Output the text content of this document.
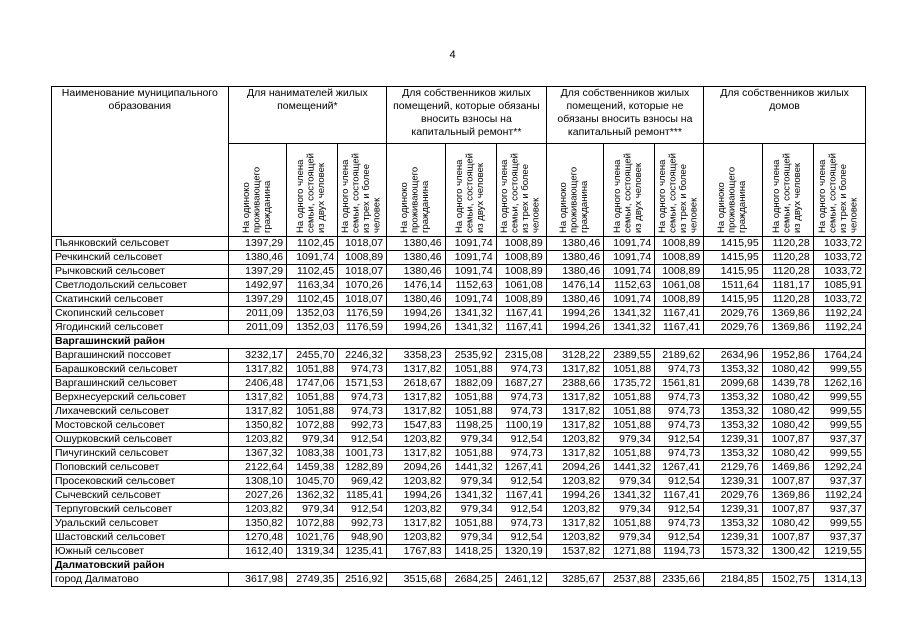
4
Наименование муниципального образования	Для нанимателей жилых помещений*			Для собственников жилых помещений, которые обязаны вносить взносы на капитальный ремонт**			Для собственников жилых помещений, которые не обязаны вносить взносы на капитальный ремонт***			Для собственников жилых домов		

	На одиноко проживающего гражданина	На одного члена семьи, состоящей из двух человек	На одного члена семьи, состоящей из трех и более человек	На одиноко проживающего гражданина	На одного члена семьи, состоящей из двух человек	На одного члена семьи, состоящей из трех и более человек	На одиноко проживающего гражданина	На одного члена семьи, состоящей из двух человек	На одного члена семьи, состоящей из трех и более человек	На одиноко проживающего гражданина	На одного члена семьи, состоящей из двух человек	На одного члена семьи, состоящей из трех и более человек

Пьянковский сельсовет	1397,29	1102,45	1018,07	1380,46	1091,74	1008,89	1380,46	1091,74	1008,89	1415,95	1120,28	1033,72
Речкинский сельсовет	1380,46	1091,74	1008,89	1380,46	1091,74	1008,89	1380,46	1091,74	1008,89	1415,95	1120,28	1033,72
Рычковский сельсовет	1397,29	1102,45	1018,07	1380,46	1091,74	1008,89	1380,46	1091,74	1008,89	1415,95	1120,28	1033,72
Светлодольский сельсовет	1492,97	1163,34	1070,26	1476,14	1152,63	1061,08	1476,14	1152,63	1061,08	1511,64	1181,17	1085,91
Скатинский сельсовет	1397,29	1102,45	1018,07	1380,46	1091,74	1008,89	1380,46	1091,74	1008,89	1415,95	1120,28	1033,72
Скопинский сельсовет	2011,09	1352,03	1176,59	1994,26	1341,32	1167,41	1994,26	1341,32	1167,41	2029,76	1369,86	1192,24
Ягодинский сельсовет	2011,09	1352,03	1176,59	1994,26	1341,32	1167,41	1994,26	1341,32	1167,41	2029,76	1369,86	1192,24
Варгашинский район												
Варгашинский поссовет	3232,17	2455,70	2246,32	3358,23	2535,92	2315,08	3128,22	2389,55	2189,62	2634,96	1952,86	1764,24
Барашковский сельсовет	1317,82	1051,88	974,73	1317,82	1051,88	974,73	1317,82	1051,88	974,73	1353,32	1080,42	999,55
Варгашинский сельсовет	2406,48	1747,06	1571,53	2618,67	1882,09	1687,27	2388,66	1735,72	1561,81	2099,68	1439,78	1262,16
Верхнесуерский сельсовет	1317,82	1051,88	974,73	1317,82	1051,88	974,73	1317,82	1051,88	974,73	1353,32	1080,42	999,55
Лихачевский сельсовет	1317,82	1051,88	974,73	1317,82	1051,88	974,73	1317,82	1051,88	974,73	1353,32	1080,42	999,55
Мостовской сельсовет	1350,82	1072,88	992,73	1547,83	1198,25	1100,19	1317,82	1051,88	974,73	1353,32	1080,42	999,55
Ошурковский сельсовет	1203,82	979,34	912,54	1203,82	979,34	912,54	1203,82	979,34	912,54	1239,31	1007,87	937,37
Пичугинский сельсовет	1367,32	1083,38	1001,73	1317,82	1051,88	974,73	1317,82	1051,88	974,73	1353,32	1080,42	999,55
Поповский сельсовет	2122,64	1459,38	1282,89	2094,26	1441,32	1267,41	2094,26	1441,32	1267,41	2129,76	1469,86	1292,24
Просековский сельсовет	1308,10	1045,70	969,42	1203,82	979,34	912,54	1203,82	979,34	912,54	1239,31	1007,87	937,37
Сычевский сельсовет	2027,26	1362,32	1185,41	1994,26	1341,32	1167,41	1994,26	1341,32	1167,41	2029,76	1369,86	1192,24
Терпуговский сельсовет	1203,82	979,34	912,54	1203,82	979,34	912,54	1203,82	979,34	912,54	1239,31	1007,87	937,37
Уральский сельсовет	1350,82	1072,88	992,73	1317,82	1051,88	974,73	1317,82	1051,88	974,73	1353,32	1080,42	999,55
Шастовский сельсовет	1270,48	1021,76	948,90	1203,82	979,34	912,54	1203,82	979,34	912,54	1239,31	1007,87	937,37
Южный сельсовет	1612,40	1319,34	1235,41	1767,83	1418,25	1320,19	1537,82	1271,88	1194,73	1573,32	1300,42	1219,55
Далматовский район												
город Далматово	3617,98	2749,35	2516,92	3515,68	2684,25	2461,12	3285,67	2537,88	2335,66	2184,85	1502,75	1314,13
